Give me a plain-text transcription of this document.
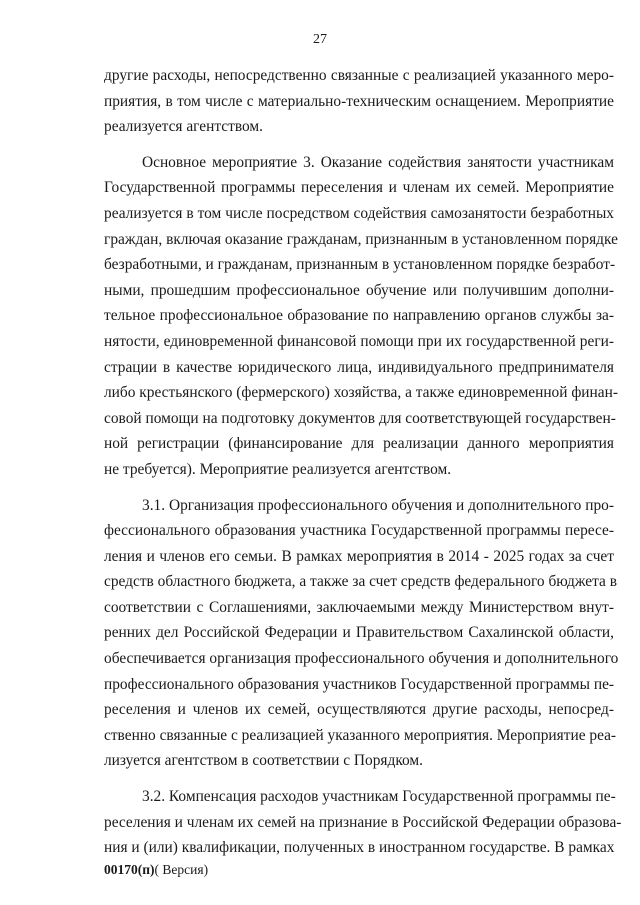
27
другие расходы, непосредственно связанные с реализацией указанного меро-
приятия, в том числе с материально-техническим оснащением. Мероприятие
реализуется агентством.
Основное мероприятие 3. Оказание содействия занятости участникам
Государственной программы переселения и членам их семей. Мероприятие
реализуется в том числе посредством содействия самозанятости безработных
граждан, включая оказание гражданам, признанным в установленном порядке
безработными, и гражданам, признанным в установленном порядке безработ-
ными, прошедшим профессиональное обучение или получившим дополни-
тельное профессиональное образование по направлению органов службы за-
нятости, единовременной финансовой помощи при их государственной реги-
страции в качестве юридического лица, индивидуального предпринимателя
либо крестьянского (фермерского) хозяйства, а также единовременной финан-
совой помощи на подготовку документов для соответствующей государствен-
ной регистрации (финансирование для реализации данного мероприятия
не требуется). Мероприятие реализуется агентством.
3.1. Организация профессионального обучения и дополнительного про-
фессионального образования участника Государственной программы пересе-
ления и членов его семьи. В рамках мероприятия в 2014 - 2025 годах за счет
средств областного бюджета, а также за счет средств федерального бюджета в
соответствии с Соглашениями, заключаемыми между Министерством внут-
ренних дел Российской Федерации и Правительством Сахалинской области,
обеспечивается организация профессионального обучения и дополнительного
профессионального образования участников Государственной программы пе-
реселения и членов их семей, осуществляются другие расходы, непосред-
ственно связанные с реализацией указанного мероприятия. Мероприятие реа-
лизуется агентством в соответствии с Порядком.
3.2. Компенсация расходов участникам Государственной программы пе-
реселения и членам их семей на признание в Российской Федерации образова-
ния и (или) квалификации, полученных в иностранном государстве. В рамках
00170(п)( Версия)
